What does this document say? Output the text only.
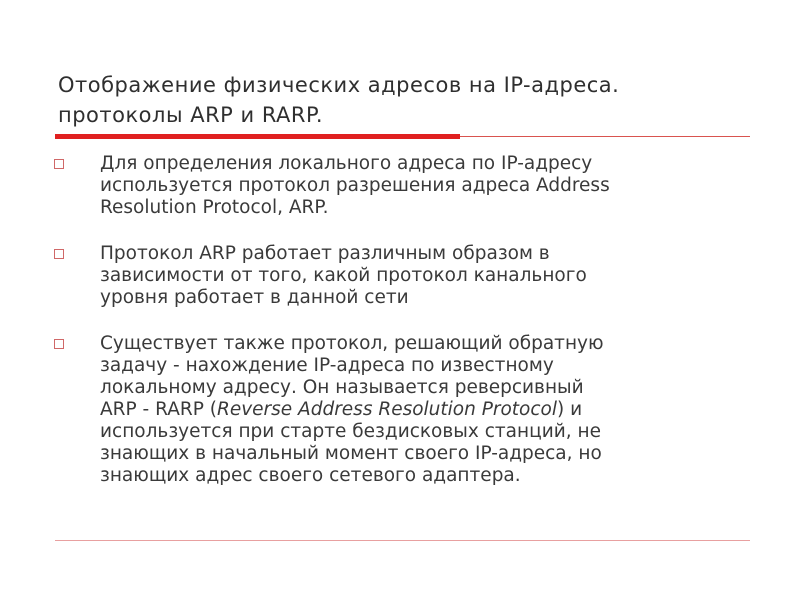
Отображение физических адресов на IP-адреса.
протоколы ARP и RARP.
Для определения локального адреса по IP-адресу
используется протокол разрешения адреса Address
Resolution Protocol, ARP.
Протокол ARP работает различным образом в
зависимости от того, какой протокол канального
уровня работает в данной сети
Существует также протокол, решающий обратную
задачу - нахождение IP-адреса по известному
локальному адресу. Он называется реверсивный
ARP - RARP (Reverse Address Resolution Protocol) и
используется при старте бездисковых станций, не
знающих в начальный момент своего IP-адреса, но
знающих адрес своего сетевого адаптера.
